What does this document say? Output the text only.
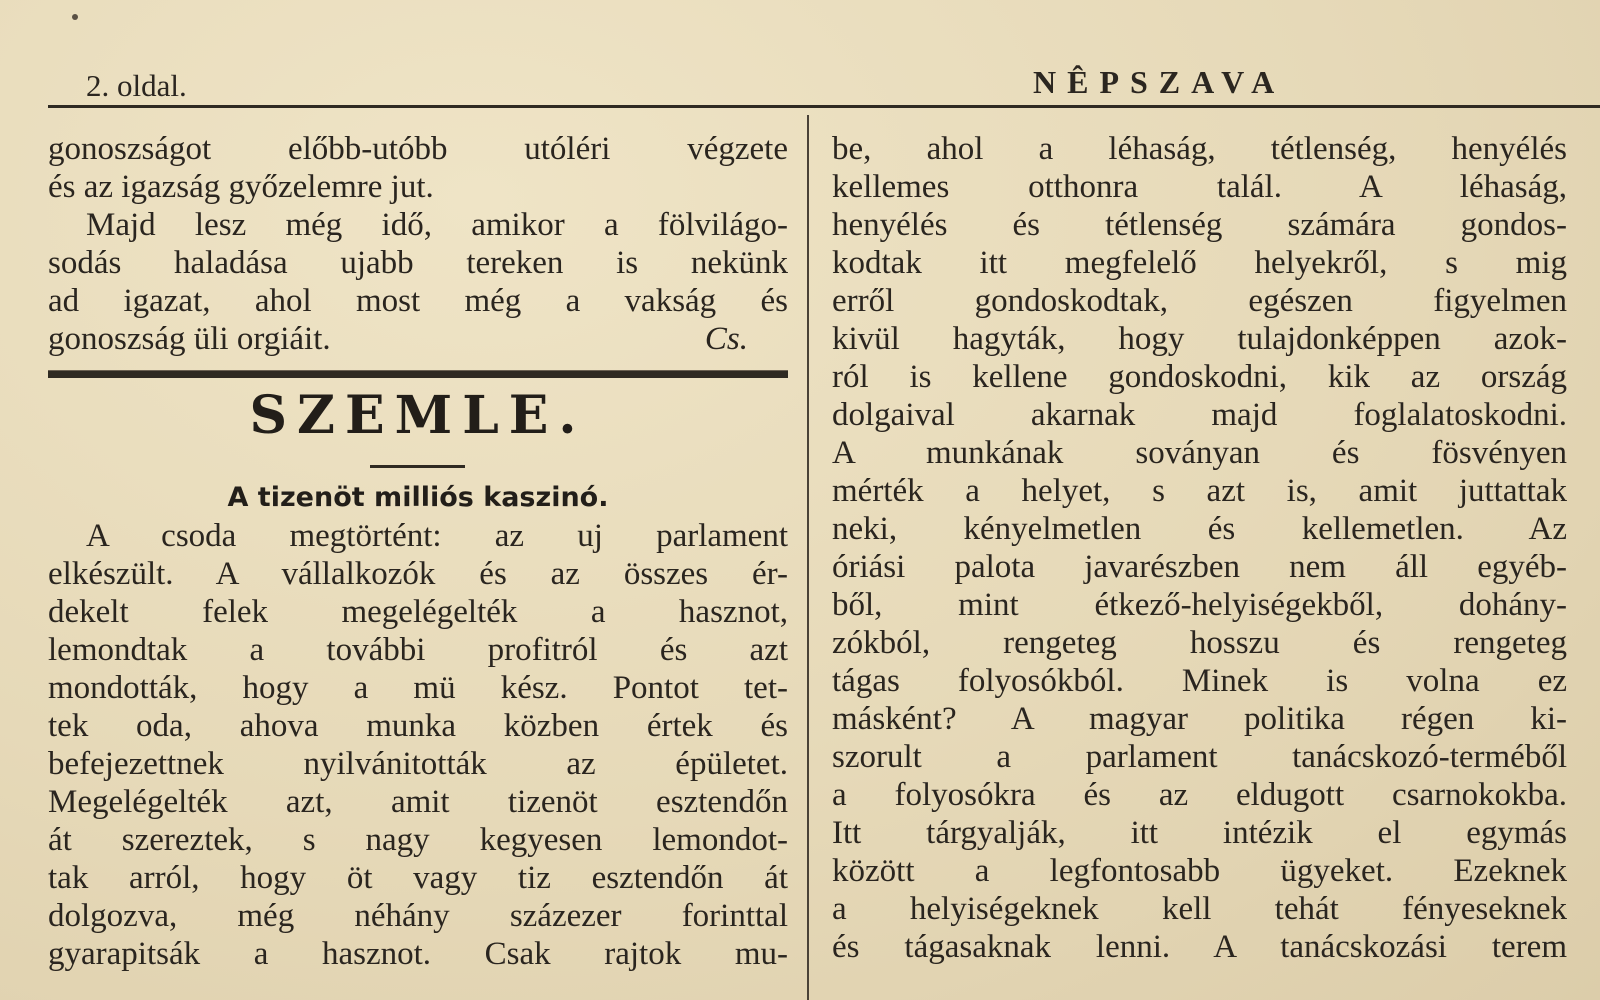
2. oldal.	NÊPSZAVA
gonoszságot előbb-utóbb utóléri végzete
és az igazság győzelemre jut.
Majd lesz még idő, amikor a fölvilágo-
sodás haladása ujabb tereken is nekünk
ad igazat, ahol most még a vakság és
gonoszság üli orgiáit.	Cs.
SZEMLE.
A tizenöt milliós kaszinó.
A csoda megtörtént: az uj parlament
elkészült. A vállalkozók és az összes ér-
dekelt felek megelégelték a hasznot,
lemondtak a további profitról és azt
mondották, hogy a mü kész. Pontot tet-
tek oda, ahova munka közben értek és
befejezettnek nyilvánitották az épületet.
Megelégelték azt, amit tizenöt esztendőn
át szereztek, s nagy kegyesen lemondot-
tak arról, hogy öt vagy tiz esztendőn át
dolgozva, még néhány százezer forinttal
gyarapitsák a hasznot. Csak rajtok mu-
be, ahol a léhaság, tétlenség, henyélés
kellemes otthonra talál. A léhaság,
henyélés és tétlenség számára gondos-
kodtak itt megfelelő helyekről, s mig
erről gondoskodtak, egészen figyelmen
kivül hagyták, hogy tulajdonképpen azok-
ról is kellene gondoskodni, kik az ország
dolgaival akarnak majd foglalatoskodni.
A munkának soványan és fösvényen
mérték a helyet, s azt is, amit juttattak
neki, kényelmetlen és kellemetlen. Az
óriási palota javarészben nem áll egyéb-
ből, mint étkező-helyiségekből, dohány-
zókból, rengeteg hosszu és rengeteg
tágas folyosókból. Minek is volna ez
másként? A magyar politika régen ki-
szorult a parlament tanácskozó-terméből
a folyosókra és az eldugott csarnokokba.
Itt tárgyalják, itt intézik el egymás
között a legfontosabb ügyeket. Ezeknek
a helyiségeknek kell tehát fényeseknek
és tágasaknak lenni. A tanácskozási terem
